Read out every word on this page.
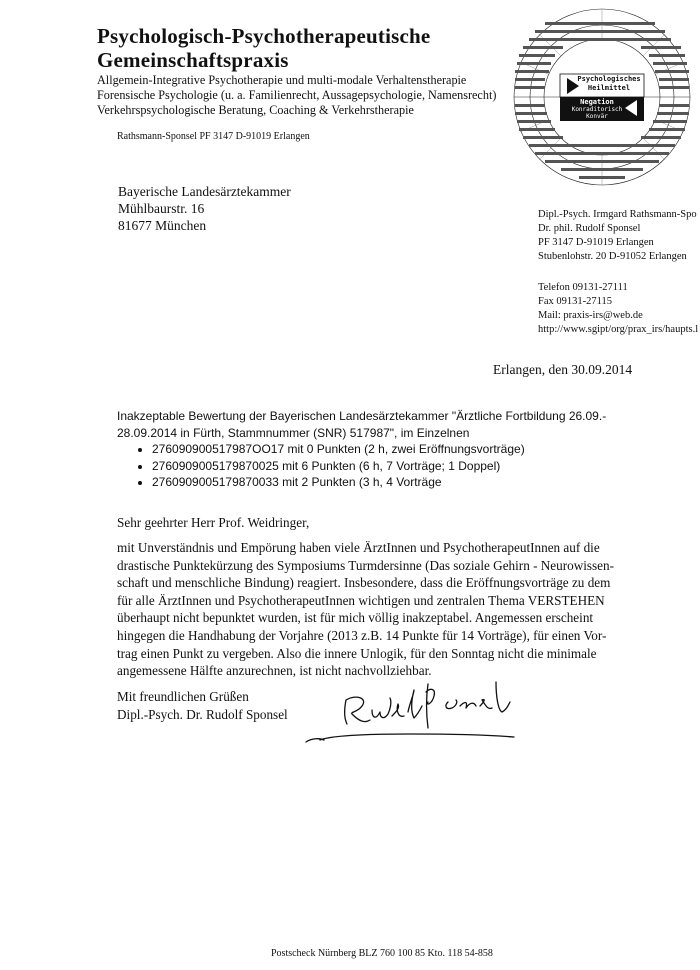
Psychologisch-Psychotherapeutische
Gemeinschaftspraxis
Allgemein-Integrative Psychotherapie und multi-modale Verhaltenstherapie
Forensische Psychologie (u. a. Familienrecht, Aussagepsychologie, Namensrecht)
Verkehrspsychologische Beratung, Coaching & Verkehrstherapie
Rathsmann-Sponsel PF 3147 D-91019 Erlangen
Psychologisches
Heilmittel
Negation
Konraditorisch
Konvär
Bayerische Landesärztekammer
Mühlbaurstr. 16
81677 München
Dipl.-Psych. Irmgard Rathsmann-Spo
Dr. phil. Rudolf Sponsel
PF 3147 D-91019 Erlangen
Stubenlohstr. 20 D-91052 Erlangen
Telefon 09131-27111
Fax 09131-27115
Mail: praxis-irs@web.de
http://www.sgipt/org/prax_irs/haupts.l
Erlangen, den 30.09.2014
Inakzeptable Bewertung der Bayerischen Landesärztekammer "Ärztliche Fortbildung 26.09.-
28.09.2014 in Fürth, Stammnummer (SNR) 517987", im Einzelnen
• 276090900517987OO17 mit 0 Punkten (2 h, zwei Eröffnungsvorträge)
• 2760909005179870025 mit 6 Punkten (6 h, 7 Vorträge; 1 Doppel)
• 2760909005179870033 mit 2 Punkten (3 h, 4 Vorträge
Sehr geehrter Herr Prof. Weidringer,
mit Unverständnis und Empörung haben viele ÄrztInnen und PsychotherapeutInnen auf die
drastische Punktekürzung des Symposiums Turmdersinne (Das soziale Gehirn - Neurowissen-
schaft und menschliche Bindung) reagiert. Insbesondere, dass die Eröffnungsvorträge zu dem
für alle ÄrztInnen und PsychotherapeutInnen wichtigen und zentralen Thema VERSTEHEN
überhaupt nicht bepunktet wurden, ist für mich völlig inakzeptabel. Angemessen erscheint
hingegen die Handhabung der Vorjahre (2013 z.B. 14 Punkte für 14 Vorträge), für einen Vor-
trag einen Punkt zu vergeben. Also die innere Unlogik, für den Sonntag nicht die minimale
angemessene Hälfte anzurechnen, ist nicht nachvollziehbar.
Mit freundlichen Grüßen
Dipl.-Psych. Dr. Rudolf Sponsel
Postscheck Nürnberg BLZ 760 100 85 Kto. 118 54-858
